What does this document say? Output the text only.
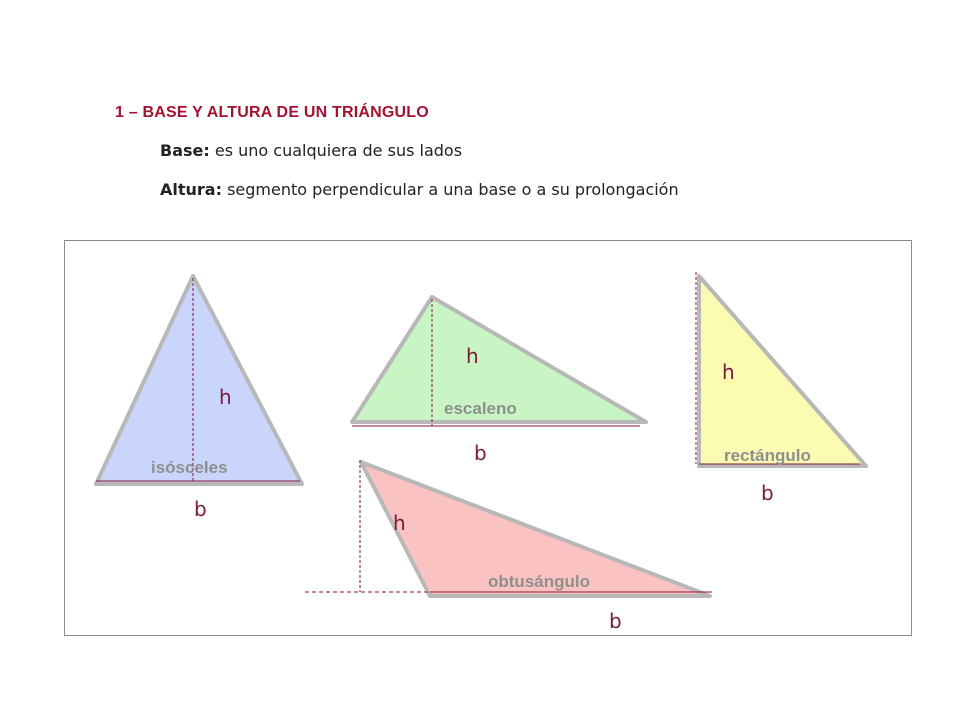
1 – BASE Y ALTURA DE UN TRIÁNGULO
Base: es uno cualquiera de sus lados
Altura: segmento perpendicular a una base o a su prolongación
isósceles
h
b
escaleno
h
b	rectángulo
h
b
obtusángulo
h
b
